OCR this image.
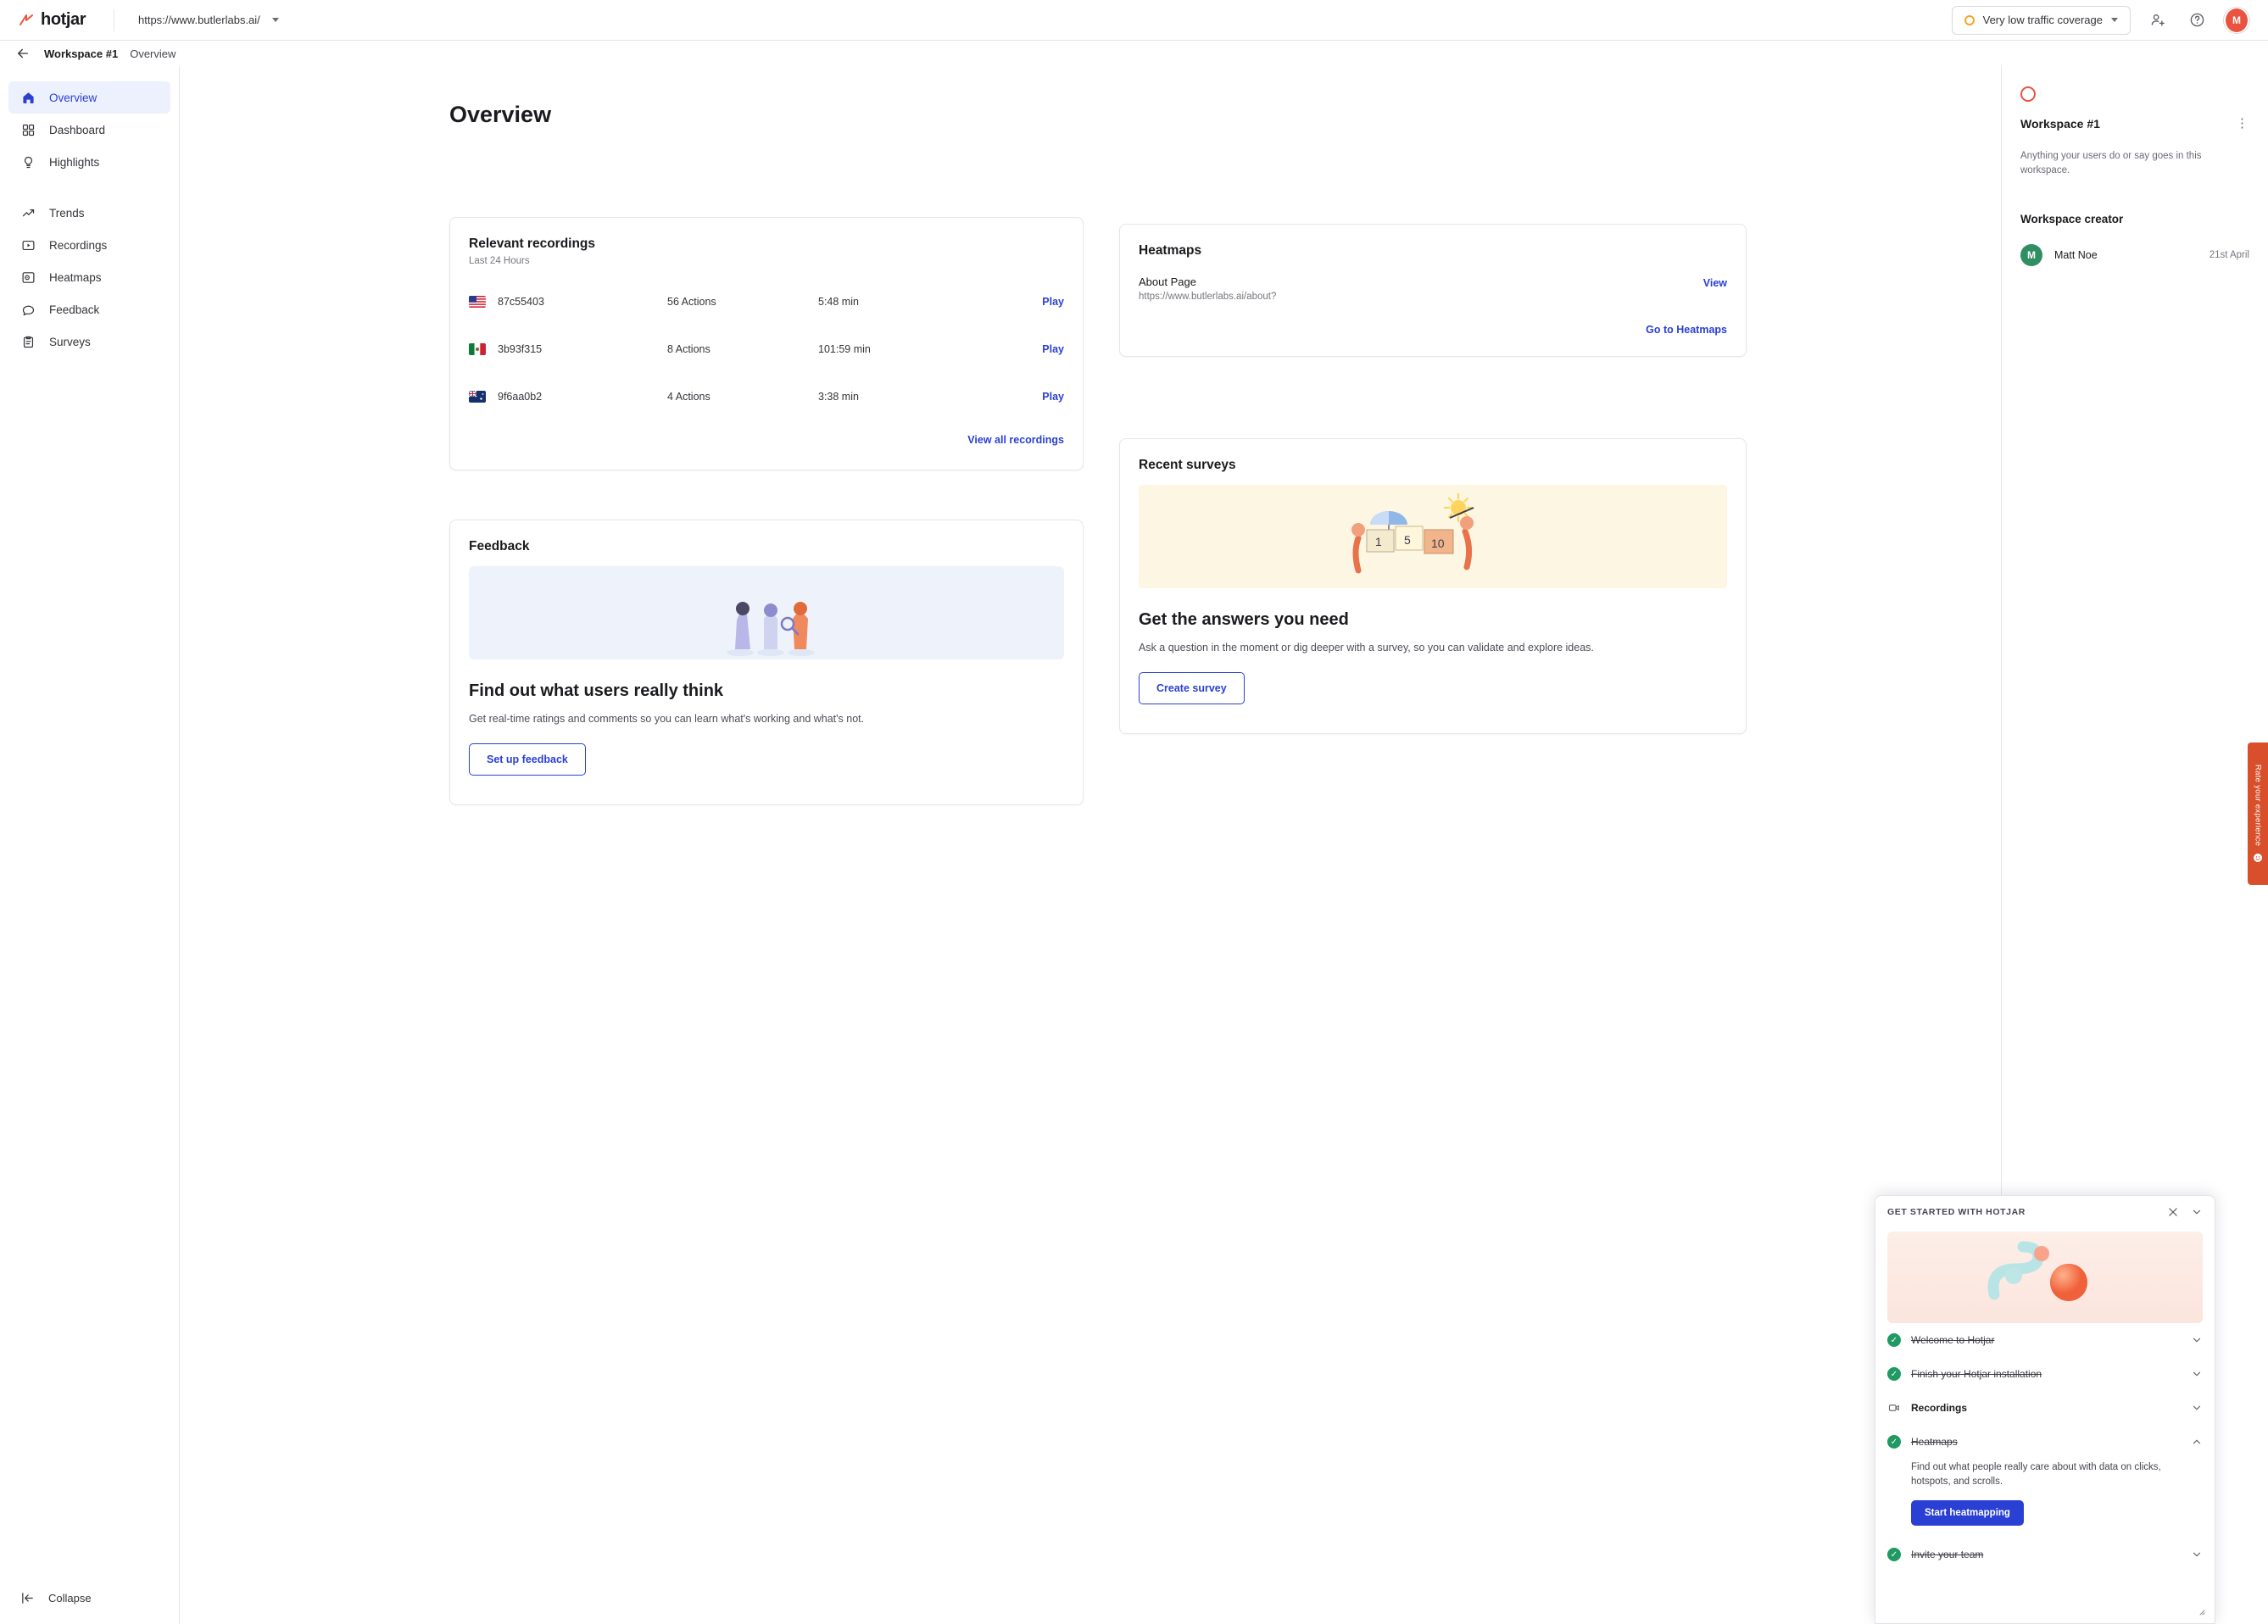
hotjar	https://www.butlerlabs.ai/	Very low traffic coverage	M
Workspace #1 Overview
Overview
Dashboard
Highlights
Trends
Recordings
Heatmaps
Feedback
Surveys
Collapse
Overview
Relevant recordings
Last 24 Hours
87c55403	56 Actions	5:48 min	Play
3b93f315	8 Actions	101:59 min	Play
9f6aa0b2	4 Actions	3:38 min	Play
View all recordings
Feedback
Find out what users really think
Get real-time ratings and comments so you can learn what's working and what's not.
Set up feedback
Heatmaps
About Page
https://www.butlerlabs.ai/about?
View
Go to Heatmaps
Recent surveys
1 5 10
Get the answers you need
Ask a question in the moment or dig deeper with a survey, so you can validate and explore ideas.
Create survey
Workspace #1	⋮
Anything your users do or say goes in this workspace.
Workspace creator
M	Matt Noe	21st April
Rate your experience
GET STARTED WITH HOTJAR
✓	Welcome to Hotjar
✓	Finish your Hotjar installation
Recordings
✓	Heatmaps

Find out what people really care about with data on clicks, hotspots, and scrolls.

Start heatmapping
✓	Invite your team
